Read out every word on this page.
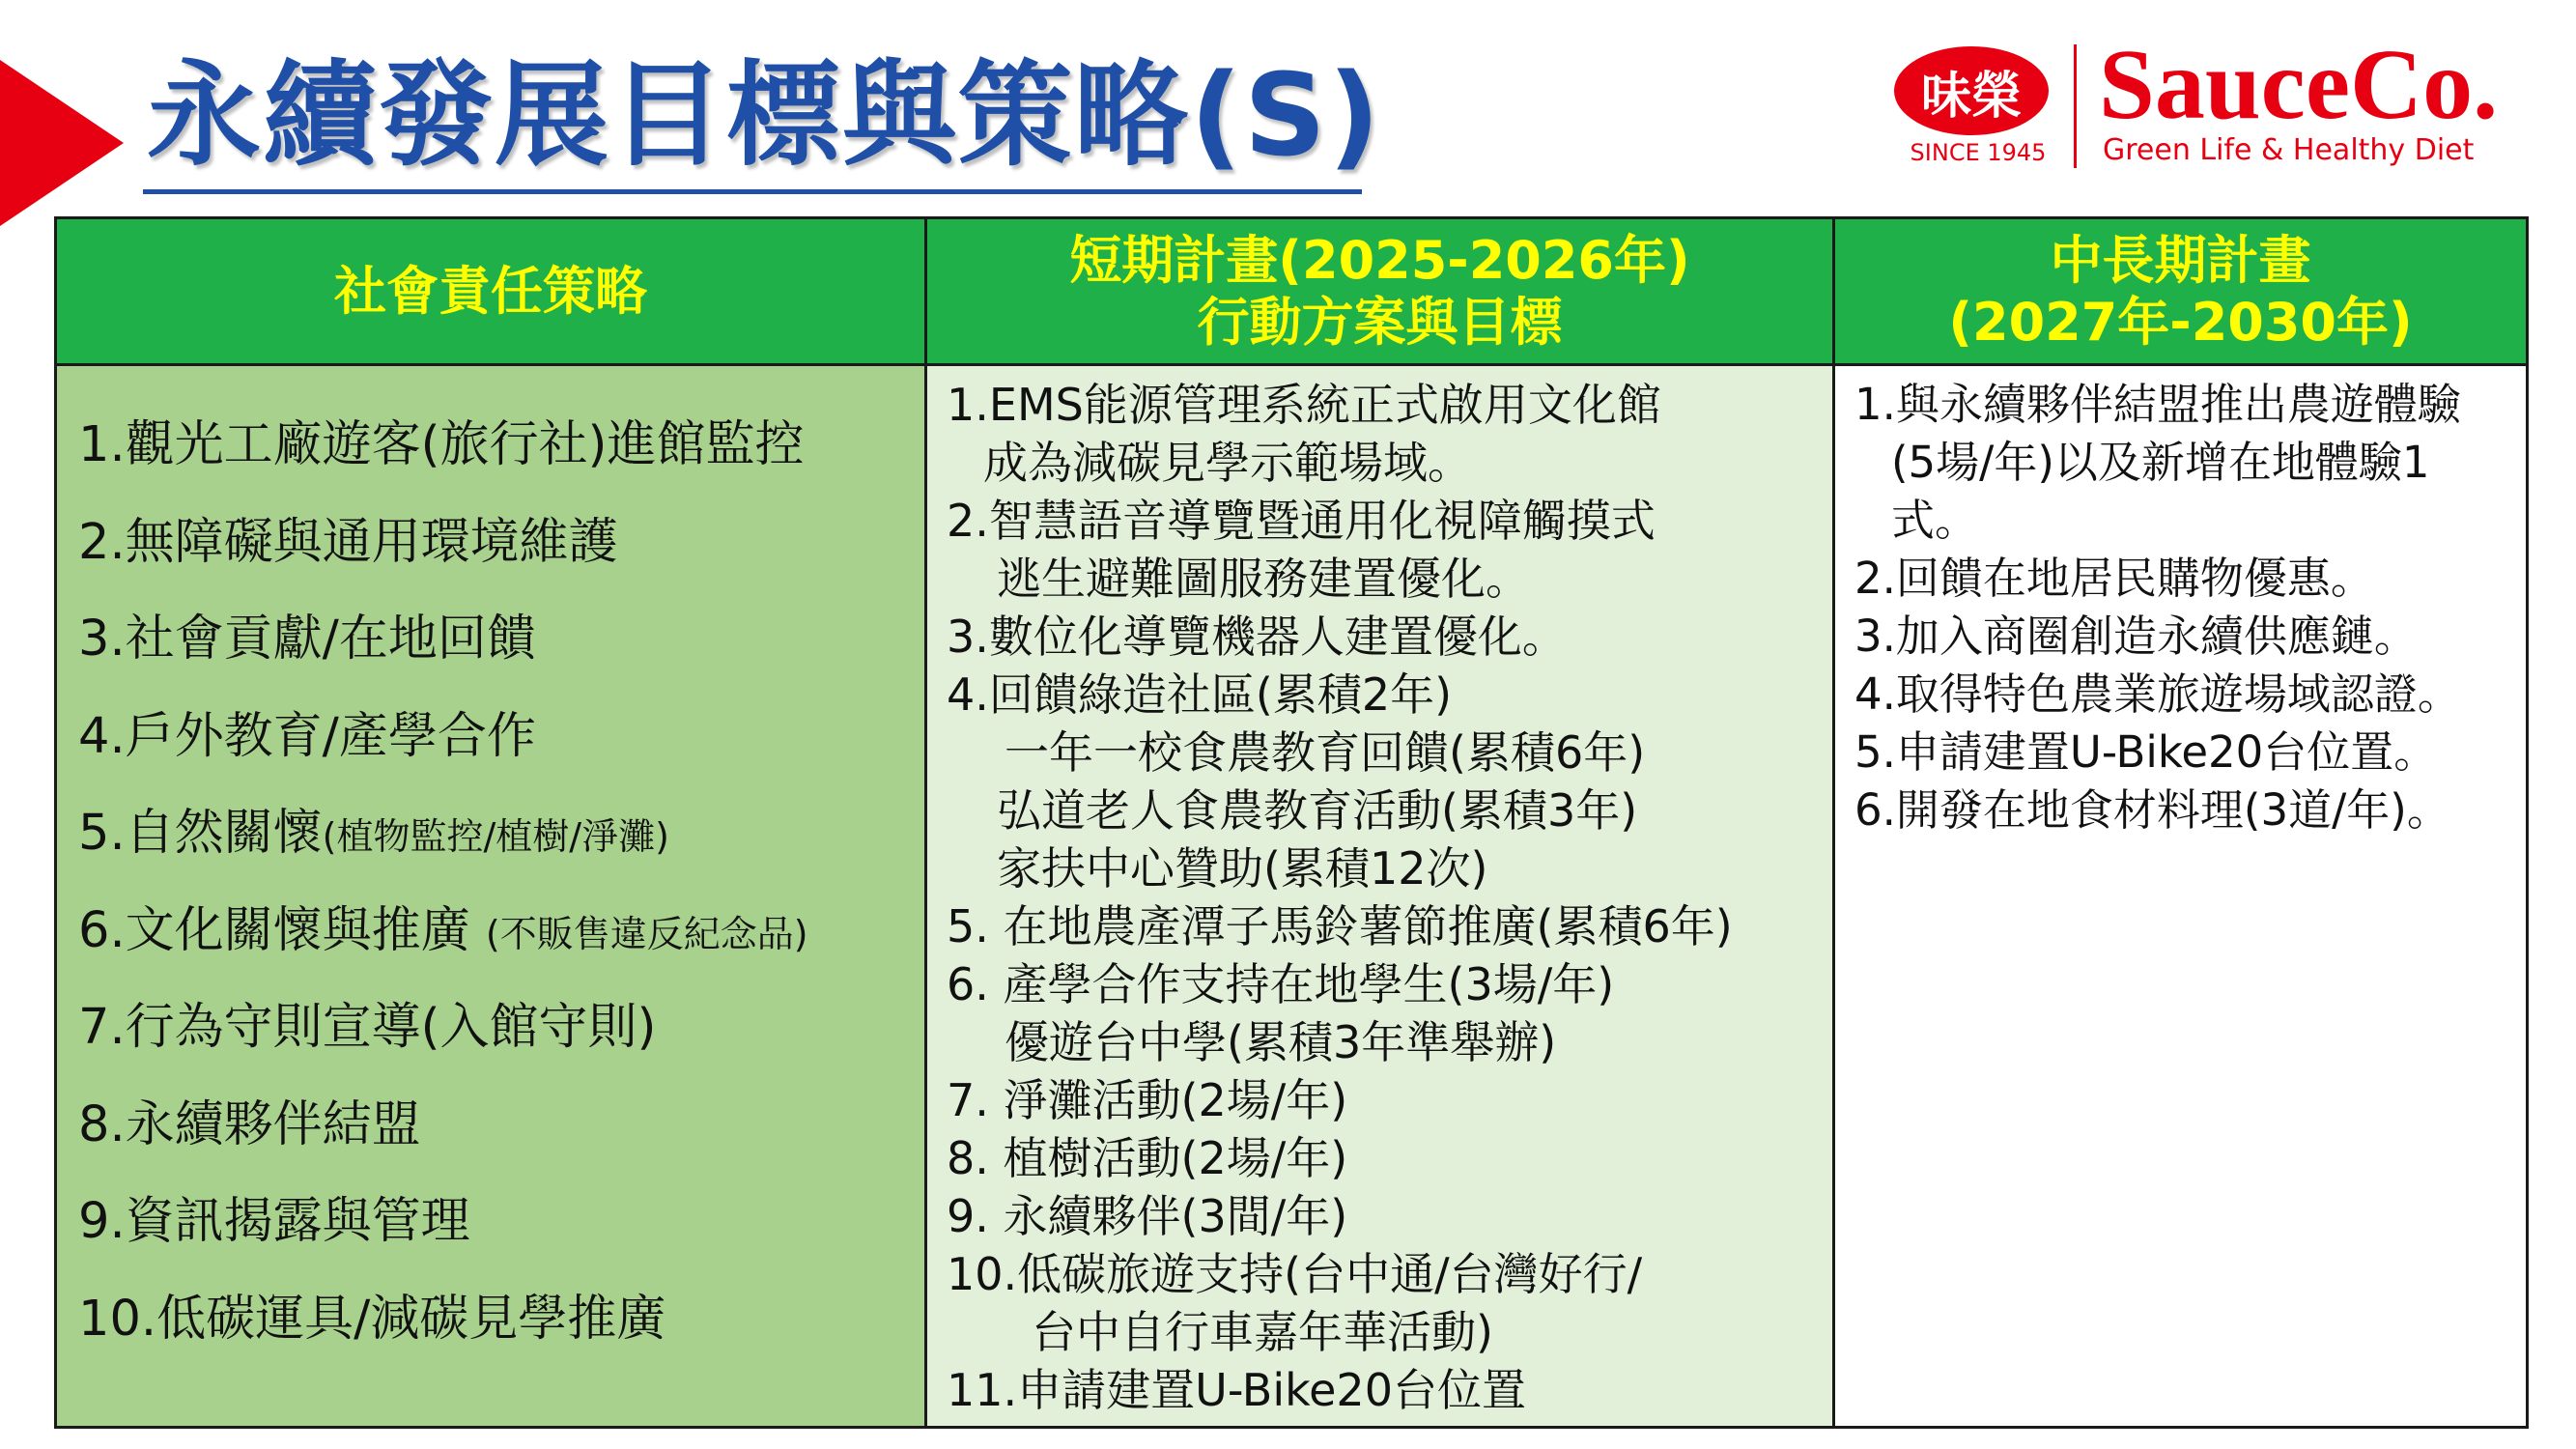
永續發展目標與策略(S)	味榮
SINCE 1945
SauceCo.
Green Life & Healthy Diet
社會責任策略
短期計畫(2025-2026年)
行動方案與目標
中長期計畫
(2027年-2030年)
1.觀光工廠遊客(旅行社)進館監控
2.無障礙與通用環境維護
3.社會貢獻/在地回饋
4.戶外教育/產學合作
5.自然關懷(植物監控/植樹/淨灘)
6.文化關懷與推廣 (不販售違反紀念品)
7.行為守則宣導(入館守則)
8.永續夥伴結盟
9.資訊揭露與管理
10.低碳運具/減碳見學推廣
1.EMS能源管理系統正式啟用文化館
成為減碳見學示範場域。
2.智慧語音導覽暨通用化視障觸摸式
逃生避難圖服務建置優化。
3.數位化導覽機器人建置優化。
4.回饋綠造社區(累積2年)
一年一校食農教育回饋(累積6年)
弘道老人食農教育活動(累積3年)
家扶中心贊助(累積12次)
5. 在地農產潭子馬鈴薯節推廣(累積6年)
6. 產學合作支持在地學生(3場/年)
優遊台中學(累積3年準舉辦)
7. 淨灘活動(2場/年)
8. 植樹活動(2場/年)
9. 永續夥伴(3間/年)
10.低碳旅遊支持(台中通/台灣好行/
台中自行車嘉年華活動)
11.申請建置U-Bike20台位置
1.與永續夥伴結盟推出農遊體驗
(5場/年)以及新增在地體驗1
式。
2.回饋在地居民購物優惠。
3.加入商圈創造永續供應鏈。
4.取得特色農業旅遊場域認證。
5.申請建置U-Bike20台位置。
6.開發在地食材料理(3道/年)。
